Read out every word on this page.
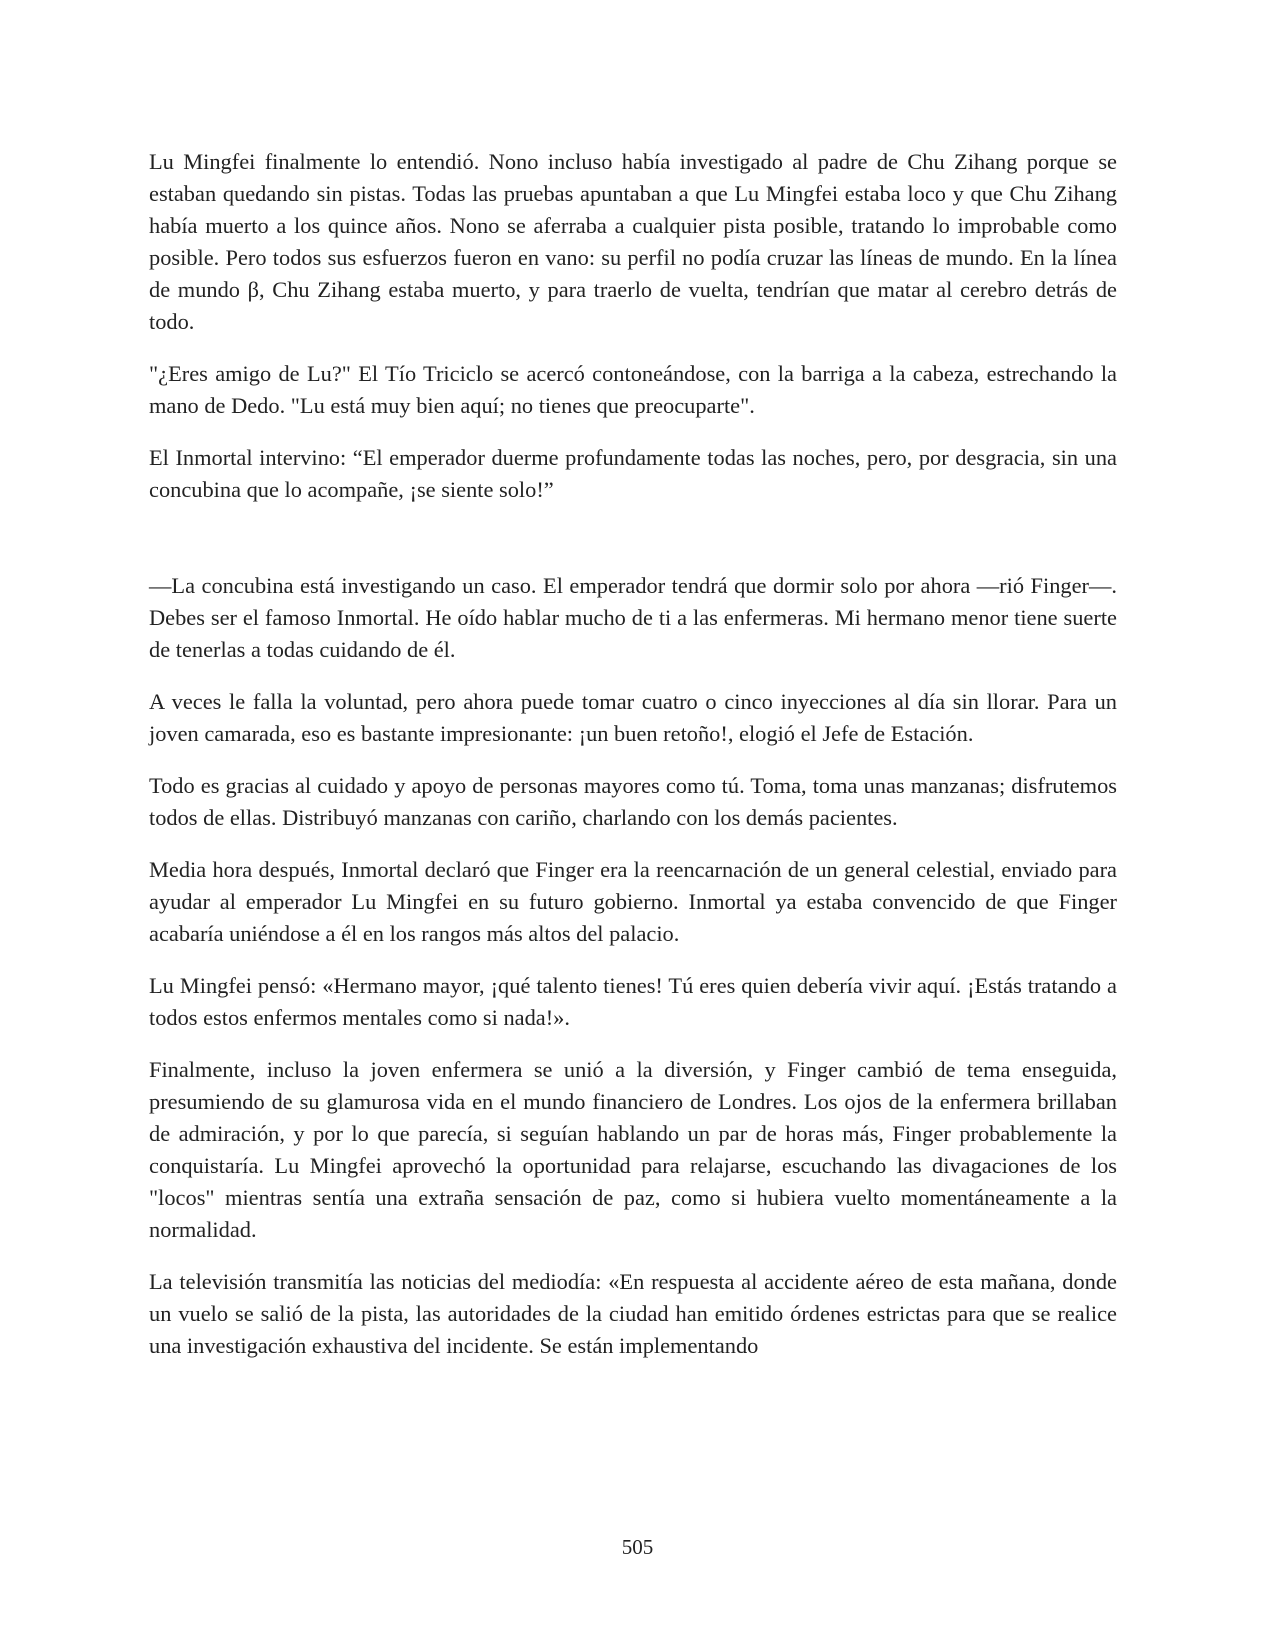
Lu Mingfei finalmente lo entendió. Nono incluso había investigado al padre de Chu Zihang porque se estaban quedando sin pistas. Todas las pruebas apuntaban a que Lu Mingfei estaba loco y que Chu Zihang había muerto a los quince años. Nono se aferraba a cualquier pista posible, tratando lo improbable como posible. Pero todos sus esfuerzos fueron en vano: su perfil no podía cruzar las líneas de mundo. En la línea de mundo β, Chu Zihang estaba muerto, y para traerlo de vuelta, tendrían que matar al cerebro detrás de todo.

"¿Eres amigo de Lu?" El Tío Triciclo se acercó contoneándose, con la barriga a la cabeza, estrechando la mano de Dedo. "Lu está muy bien aquí; no tienes que preocuparte".

El Inmortal intervino: “El emperador duerme profundamente todas las noches, pero, por desgracia, sin una concubina que lo acompañe, ¡se siente solo!”

—La concubina está investigando un caso. El emperador tendrá que dormir solo por ahora —rió Finger—. Debes ser el famoso Inmortal. He oído hablar mucho de ti a las enfermeras. Mi hermano menor tiene suerte de tenerlas a todas cuidando de él.

A veces le falla la voluntad, pero ahora puede tomar cuatro o cinco inyecciones al día sin llorar. Para un joven camarada, eso es bastante impresionante: ¡un buen retoño!, elogió el Jefe de Estación.

Todo es gracias al cuidado y apoyo de personas mayores como tú. Toma, toma unas manzanas; disfrutemos todos de ellas. Distribuyó manzanas con cariño, charlando con los demás pacientes.

Media hora después, Inmortal declaró que Finger era la reencarnación de un general celestial, enviado para ayudar al emperador Lu Mingfei en su futuro gobierno. Inmortal ya estaba convencido de que Finger acabaría uniéndose a él en los rangos más altos del palacio.

Lu Mingfei pensó: «Hermano mayor, ¡qué talento tienes! Tú eres quien debería vivir aquí. ¡Estás tratando a todos estos enfermos mentales como si nada!».

Finalmente, incluso la joven enfermera se unió a la diversión, y Finger cambió de tema enseguida, presumiendo de su glamurosa vida en el mundo financiero de Londres. Los ojos de la enfermera brillaban de admiración, y por lo que parecía, si seguían hablando un par de horas más, Finger probablemente la conquistaría. Lu Mingfei aprovechó la oportunidad para relajarse, escuchando las divagaciones de los "locos" mientras sentía una extraña sensación de paz, como si hubiera vuelto momentáneamente a la normalidad.

La televisión transmitía las noticias del mediodía: «En respuesta al accidente aéreo de esta mañana, donde un vuelo se salió de la pista, las autoridades de la ciudad han emitido órdenes estrictas para que se realice una investigación exhaustiva del incidente. Se están implementando

505
